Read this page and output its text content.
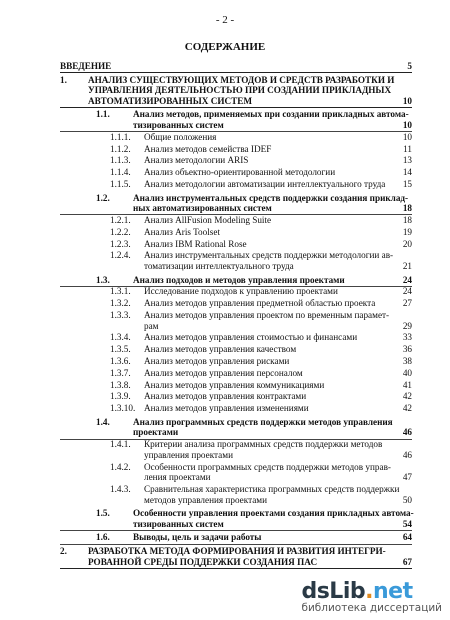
- 2 -
СОДЕРЖАНИЕ
ВВЕДЕНИЕ	5
1. АНАЛИЗ СУЩЕСТВУЮЩИХ МЕТОДОВ И СРЕДСТВ РАЗРАБОТКИ И
УПРАВЛЕНИЯ ДЕЯТЕЛЬНОСТЬЮ ПРИ СОЗДАНИИ ПРИКЛАДНЫХ
АВТОМАТИЗИРОВАННЫХ СИСТЕМ	10
1.1.	Анализ методов, применяемых при создании прикладных автома-
тизированных систем	10
1.1.1. Общие положения	10
1.1.2. Анализ методов семейства IDEF	11
1.1.3. Анализ методологии ARIS	13
1.1.4. Анализ объектно-ориентированной методологии	14
1.1.5. Анализ методологии автоматизации интеллектуального труда 15
1.2.	Анализ инструментальных средств поддержки создания приклад-
ных автоматизированных систем	18
1.2.1. Анализ AllFusion Modeling Suite	18
1.2.2. Анализ Aris Toolset	19
1.2.3. Анализ IBM Rational Rose	20
1.2.4. Анализ инструментальных средств поддержки методологии ав-
томатизации интеллектуального труда	21
1.3.	Анализ подходов и методов управления проектами	24
1.3.1. Исследование подходов к управлению проектами	24
1.3.2. Анализ методов управления предметной областью проекта	27
1.3.3. Анализ методов управления проектом по временным парамет-
рам	29
1.3.4. Анализ методов управления стоимостью и финансами	33
1.3.5. Анализ методов управления качеством	36
1.3.6. Анализ методов управления рисками	38
1.3.7. Анализ методов управления персоналом	40
1.3.8. Анализ методов управления коммуникациями	41
1.3.9. Анализ методов управления контрактами	42
1.3.10. Анализ методов управления изменениями	42
1.4.	Анализ программных средств поддержки методов управления
проектами	46
1.4.1. Критерии анализа программных средств поддержки методов
управления проектами	46
1.4.2. Особенности программных средств поддержки методов управ-
ления проектами	47
1.4.3. Сравнительная характеристика программных средств поддержки
методов управления проектами	50
1.5.	Особенности управления проектами создания прикладных автома-
тизированных систем	54
1.6.	Выводы, цель и задачи работы	64
2. РАЗРАБОТКА МЕТОДА ФОРМИРОВАНИЯ И РАЗВИТИЯ ИНТЕГРИ-
РОВАННОЙ СРЕДЫ ПОДДЕРЖКИ СОЗДАНИЯ ПАС	67
dsLib.net
библиотека диссертаций
